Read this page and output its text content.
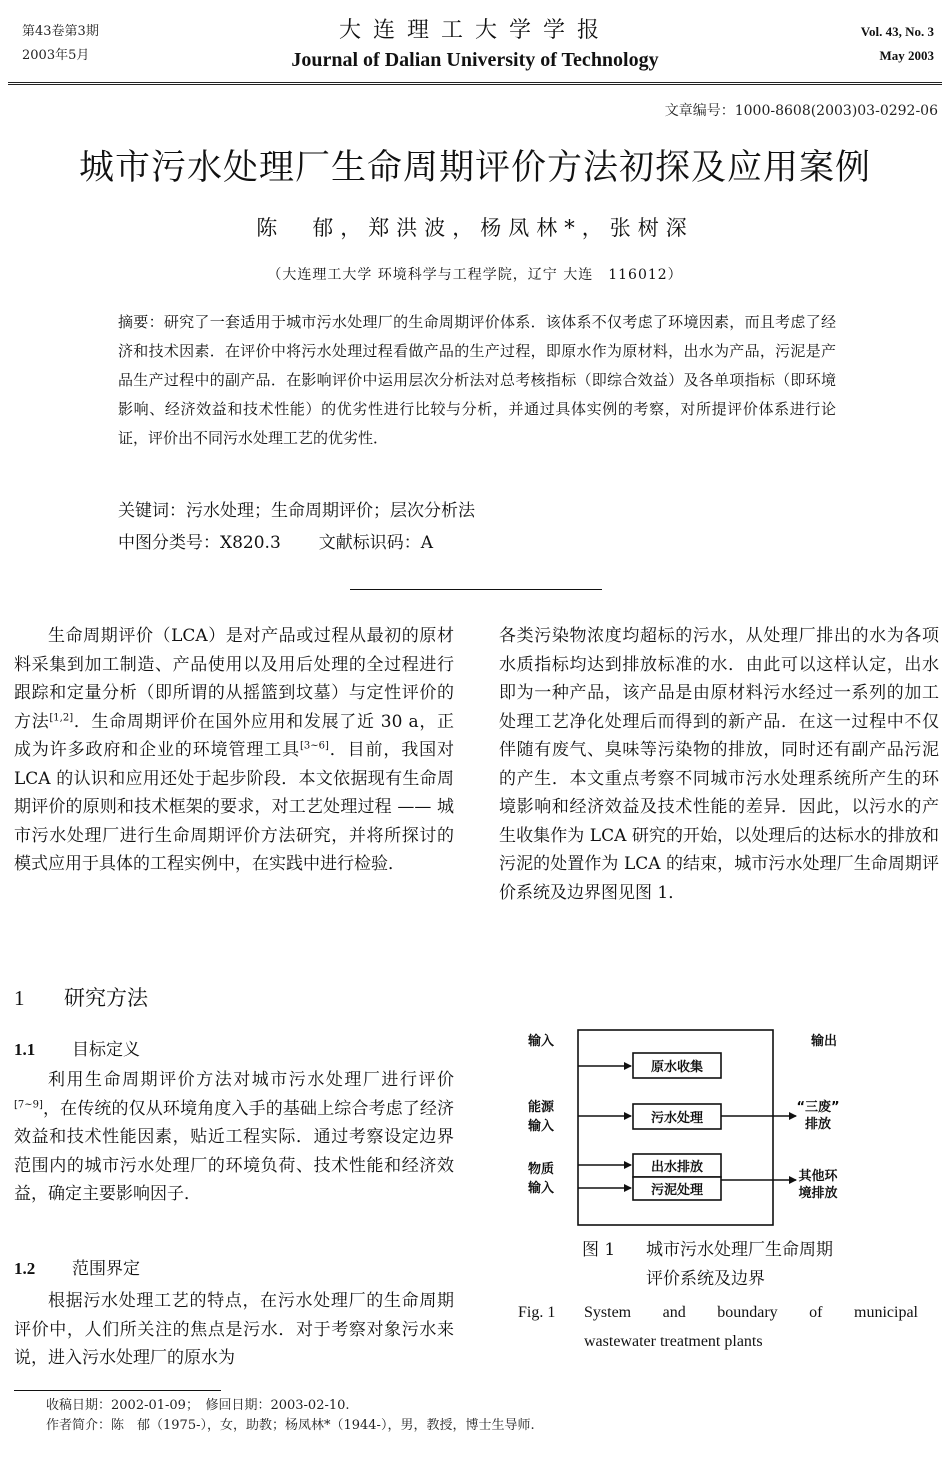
第43卷第3期
2003年5月
大连理工大学学报
Journal of Dalian University of Technology
Vol. 43, No. 3
May 2003
文章编号：1000-8608(2003)03-0292-06
城市污水处理厂生命周期评价方法初探及应用案例
陈　郁，郑洪波，杨凤林*，张树深
（大连理工大学 环境科学与工程学院，辽宁 大连　116012）
摘要：研究了一套适用于城市污水处理厂的生命周期评价体系．该体系不仅考虑了环境因素，而且考虑了经济和技术因素．在评价中将污水处理过程看做产品的生产过程，即原水作为原材料，出水为产品，污泥是产品生产过程中的副产品．在影响评价中运用层次分析法对总考核指标（即综合效益）及各单项指标（即环境影响、经济效益和技术性能）的优劣性进行比较与分析，并通过具体实例的考察，对所提评价体系进行论证，评价出不同污水处理工艺的优劣性．
关键词：污水处理；生命周期评价；层次分析法
中图分类号：X820.3 文献标识码：A

生命周期评价（LCA）是对产品或过程从最初的原材料采集到加工制造、产品使用以及用后处理的全过程进行跟踪和定量分析（即所谓的从摇篮到坟墓）与定性评价的方法[1,2]．生命周期评价在国外应用和发展了近 30 a，正成为许多政府和企业的环境管理工具[3~6]．目前，我国对 LCA 的认识和应用还处于起步阶段．本文依据现有生命周期评价的原则和技术框架的要求，对工艺处理过程 —— 城市污水处理厂进行生命周期评价方法研究，并将所探讨的模式应用于具体的工程实例中，在实践中进行检验．

1 研究方法
1.1 目标定义

利用生命周期评价方法对城市污水处理厂进行评价[7~9]，在传统的仅从环境角度入手的基础上综合考虑了经济效益和技术性能因素，贴近工程实际．通过考察设定边界范围内的城市污水处理厂的环境负荷、技术性能和经济效益，确定主要影响因子．

1.2 范围界定

根据污水处理工艺的特点，在污水处理厂的生命周期评价中，人们所关注的焦点是污水．对于考察对象污水来说，进入污水处理厂的原水为

各类污染物浓度均超标的污水，从处理厂排出的水为各项水质指标均达到排放标准的水．由此可以这样认定，出水即为一种产品，该产品是由原材料污水经过一系列的加工处理工艺净化处理后而得到的新产品．在这一过程中不仅伴随有废气、臭味等污染物的排放，同时还有副产品污泥的产生．本文重点考察不同城市污水处理系统所产生的环境影响和经济效益及技术性能的差异．因此，以污水的产生收集作为 LCA 研究的开始，以处理后的达标水的排放和污泥的处置作为 LCA 的结束，城市污水处理厂生命周期评价系统及边界图见图 1．

输入	输出
能源
输入
物质
输入
“三废”
排放
其他环
境排放
原水收集
污水处理
出水排放
污泥处理
图 1 城市污水处理厂生命周期
评价系统及边界
Fig. 1 System and boundary of municipal
wastewater treatment plants
收稿日期：2002-01-09；　修回日期：2003-02-10.
作者简介：陈　郁（1975-），女，助教；杨凤林*（1944-），男，教授，博士生导师.
